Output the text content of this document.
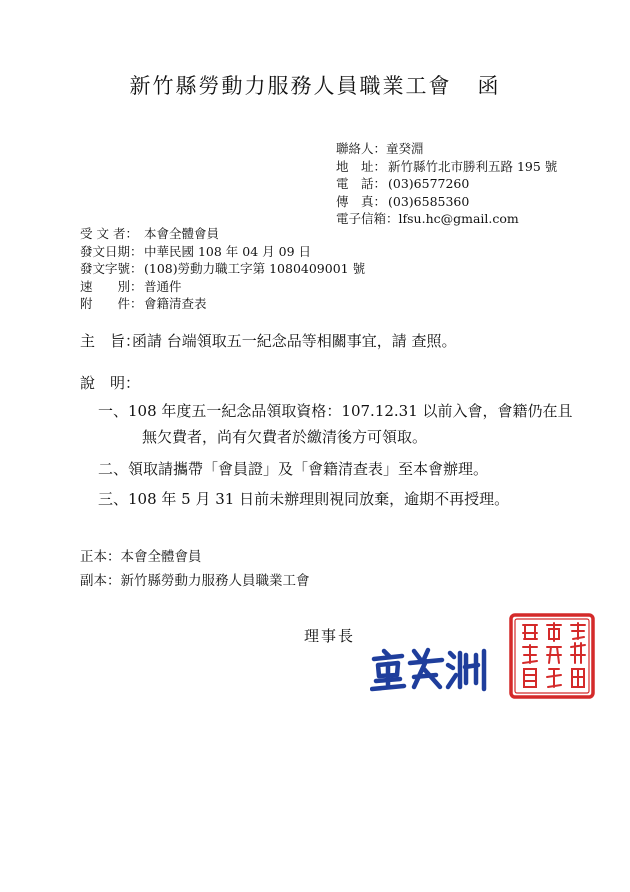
新竹縣勞動力服務人員職業工會 函
聯絡人： 童癸淵
地　址： 新竹縣竹北市勝利五路 195 號
電　話： (03)6577260
傳　真： (03)6585360
電子信箱： lfsu.hc@gmail.com
受 文 者： 本會全體會員
發文日期： 中華民國 108 年 04 月 09 日
發文字號： (108)勞動力職工字第 1080409001 號
速　　別： 普通件
附　　件： 會籍清查表
主　旨：函請 台端領取五一紀念品等相關事宜，請 查照。
說　明：
一、108 年度五一紀念品領取資格：107.12.31 以前入會，會籍仍在且
無欠費者，尚有欠費者於繳清後方可領取。
二、領取請攜帶「會員證」及「會籍清查表」至本會辦理。
三、108 年 5 月 31 日前未辦理則視同放棄，逾期不再授理。
正本：本會全體會員
副本：新竹縣勞動力服務人員職業工會
理事長
